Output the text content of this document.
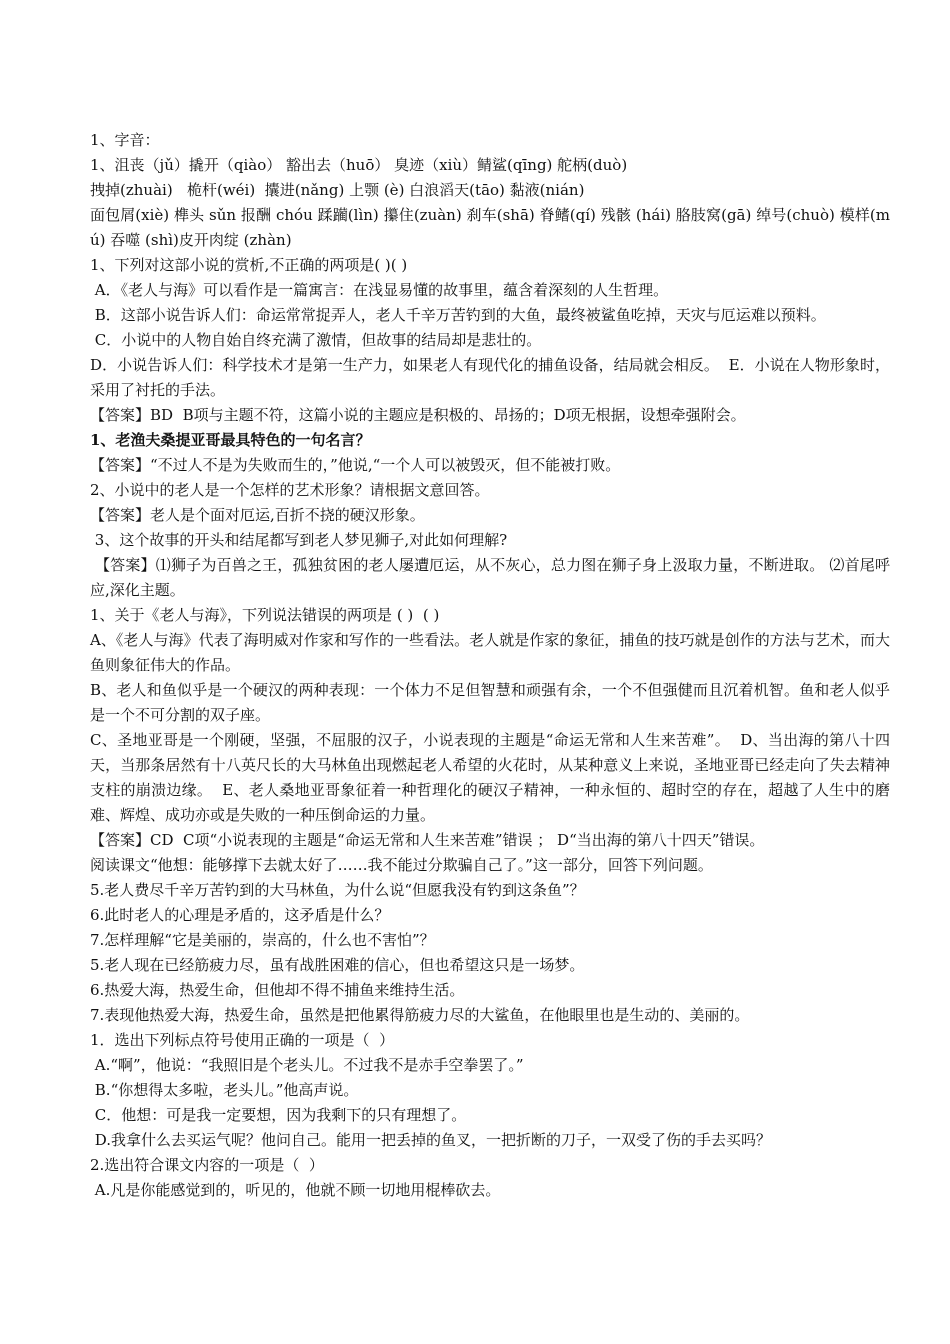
1、字音：

1、沮丧（jǔ）撬开（qiào） 豁出去（huō） 臭迹（xiù）鲭鲨(qīng) 舵柄(duò)

拽掉(zhuài)   桅杆(wéi)  攮进(nǎng) 上颚 (è) 白浪滔天(tāo) 黏液(nián)

面包屑(xiè) 榫头 sǔn 报酬 chóu 蹂躏(lìn) 攥住(zuàn) 刹车(shā) 脊鳍(qí) 残骸 (hái) 胳肢窝(gā) 绰号(chuò) 模样(mú) 吞噬 (shì)皮开肉绽 (zhàn)

1、下列对这部小说的赏析,不正确的两项是( )( )

A．《老人与海》可以看作是一篇寓言：在浅显易懂的故事里，蕴含着深刻的人生哲理。

B．这部小说告诉人们：命运常常捉弄人，老人千辛万苦钓到的大鱼，最终被鲨鱼吃掉，天灾与厄运难以预料。

C．小说中的人物自始自终充满了激情，但故事的结局却是悲壮的。

D．小说告诉人们：科学技术才是第一生产力，如果老人有现代化的捕鱼设备，结局就会相反。  E．小说在人物形象时，采用了衬托的手法。

【答案】BD  B项与主题不符，这篇小说的主题应是积极的、昂扬的；D项无根据，设想牵强附会。

1、老渔夫桑提亚哥最具特色的一句名言？

【答案】“不过人不是为失败而生的，”他说,“一个人可以被毁灭，但不能被打败。

2、小说中的老人是一个怎样的艺术形象？请根据文意回答。

【答案】老人是个面对厄运,百折不挠的硬汉形象。

3、这个故事的开头和结尾都写到老人梦见狮子,对此如何理解?

【答案】⑴狮子为百兽之王，孤独贫困的老人屡遭厄运，从不灰心，总力图在狮子身上汲取力量，不断进取。 ⑵首尾呼应,深化主题。

1、关于《老人与海》，下列说法错误的两项是 ( )  ( )

A、《老人与海》代表了海明威对作家和写作的一些看法。老人就是作家的象征，捕鱼的技巧就是创作的方法与艺术，而大鱼则象征伟大的作品。

B、老人和鱼似乎是一个硬汉的两种表现：一个体力不足但智慧和顽强有余，一个不但强健而且沉着机智。鱼和老人似乎是一个不可分割的双子座。

C、圣地亚哥是一个刚硬，坚强，不屈服的汉子，小说表现的主题是“命运无常和人生来苦难”。  D、当出海的第八十四天，当那条居然有十八英尺长的大马林鱼出现燃起老人希望的火花时，从某种意义上来说，圣地亚哥已经走向了失去精神支柱的崩溃边缘。  E、老人桑地亚哥象征着一种哲理化的硬汉子精神，一种永恒的、超时空的存在，超越了人生中的磨难、辉煌、成功亦或是失败的一种压倒命运的力量。

【答案】CD  C项“小说表现的主题是“命运无常和人生来苦难”错误 ； D“当出海的第八十四天”错误。

阅读课文“他想：能够撑下去就太好了……我不能过分欺骗自己了。”这一部分，回答下列问题。

5.老人费尽千辛万苦钓到的大马林鱼，为什么说“但愿我没有钓到这条鱼”？

6.此时老人的心理是矛盾的，这矛盾是什么？

7.怎样理解“它是美丽的，崇高的，什么也不害怕”？

5.老人现在已经筋疲力尽，虽有战胜困难的信心，但也希望这只是一场梦。

6.热爱大海，热爱生命，但他却不得不捕鱼来维持生活。

7.表现他热爱大海，热爱生命，虽然是把他累得筋疲力尽的大鲨鱼，在他眼里也是生动的、美丽的。

1．选出下列标点符号使用正确的一项是（  ）

A.“啊”，他说：“我照旧是个老头儿。不过我不是赤手空拳罢了。”

B.“你想得太多啦，老头儿。”他高声说。

C．他想：可是我一定要想，因为我剩下的只有理想了。

D.我拿什么去买运气呢？他问自己。能用一把丢掉的鱼叉，一把折断的刀子，一双受了伤的手去买吗？

2.选出符合课文内容的一项是（  ）

A.凡是你能感觉到的，听见的，他就不顾一切地用棍棒砍去。
